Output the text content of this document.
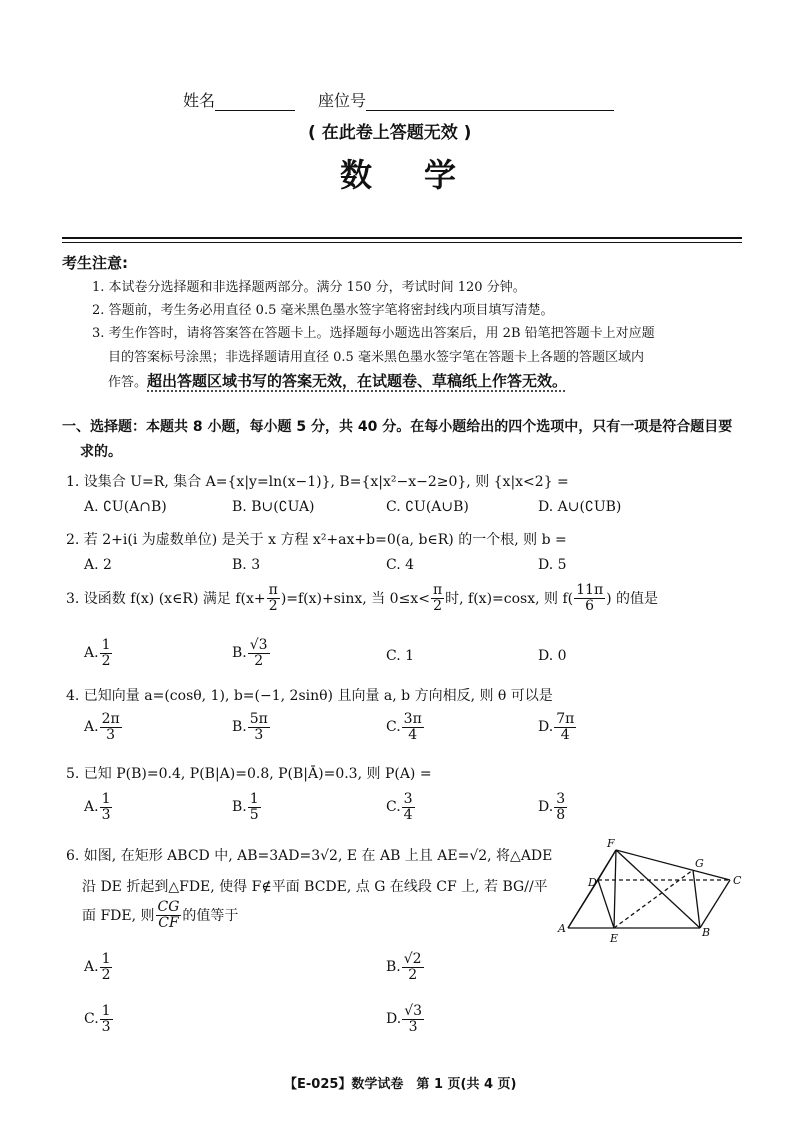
姓名	座位号
( 在此卷上答题无效 )
数　学
考生注意:
1. 本试卷分选择题和非选择题两部分。满分 150 分，考试时间 120 分钟。
2. 答题前，考生务必用直径 0.5 毫米黑色墨水签字笔将密封线内项目填写清楚。
3. 考生作答时，请将答案答在答题卡上。选择题每小题选出答案后，用 2B 铅笔把答题卡上对应题
目的答案标号涂黑；非选择题请用直径 0.5 毫米黑色墨水签字笔在答题卡上各题的答题区域内
作答。超出答题区域书写的答案无效，在试题卷、草稿纸上作答无效。
一、选择题：本题共 8 小题，每小题 5 分，共 40 分。在每小题给出的四个选项中，只有一项是符合题目要
求的。
1. 设集合 U=R, 集合 A={x|y=ln(x−1)}, B={x|x²−x−2≥0}, 则 {x|x<2} =
A. ∁U(A∩B)	B. B∪(∁UA)	C. ∁U(A∪B)	D. A∪(∁UB)
2. 若 2+i(i 为虚数单位) 是关于 x 方程 x²+ax+b=0(a, b∈R) 的一个根, 则 b =
A. 2	B. 3	C. 4	D. 5
3. 设函数 f(x) (x∈R) 满足 $f(x+ \frac{\pi}{2} )=f(x)+\sin x$, 当 $0\le x< \frac{\pi}{2}$ 时, f(x)=cosx, 则 $f( \frac{11\pi}{6}$ ) 的值是
A. $\frac{1}{2}$	B. $\frac{√3}{2}$	C. 1	D. 0
4. 已知向量 a=(cosθ, 1), b=(−1, 2sinθ) 且向量 a, b 方向相反, 则 θ 可以是
A. $\frac{2\pi}{3}$	B. $\frac{5\pi}{3}$	C. $\frac{3\pi}{4}$	D. $\frac{7\pi}{4}$
5. 已知 P(B)=0.4, P(B|A)=0.8, P(B|Ā)=0.3, 则 P(A) =
A. $\frac{1}{3}$	B. $\frac{1}{5}$	C. $\frac{3}{4}$	D. $\frac{3}{8}$
6. 如图, 在矩形 ABCD 中, AB=3AD=3√2, E 在 AB 上且 AE=√2, 将△ADE
沿 DE 折起到△FDE, 使得 F∉平面 BCDE, 点 G 在线段 CF 上, 若 BG//平
面 FDE, 则 $\frac{CG}{CF}$ 的值等于
A. $\frac{1}{2}$	B. $\frac{√2}{2}$
C. $\frac{1}{3}$	D. $\frac{√3}{3}$
F
G
D	C
A
E	B
【E-025】数学试卷　第 1 页(共 4 页)
